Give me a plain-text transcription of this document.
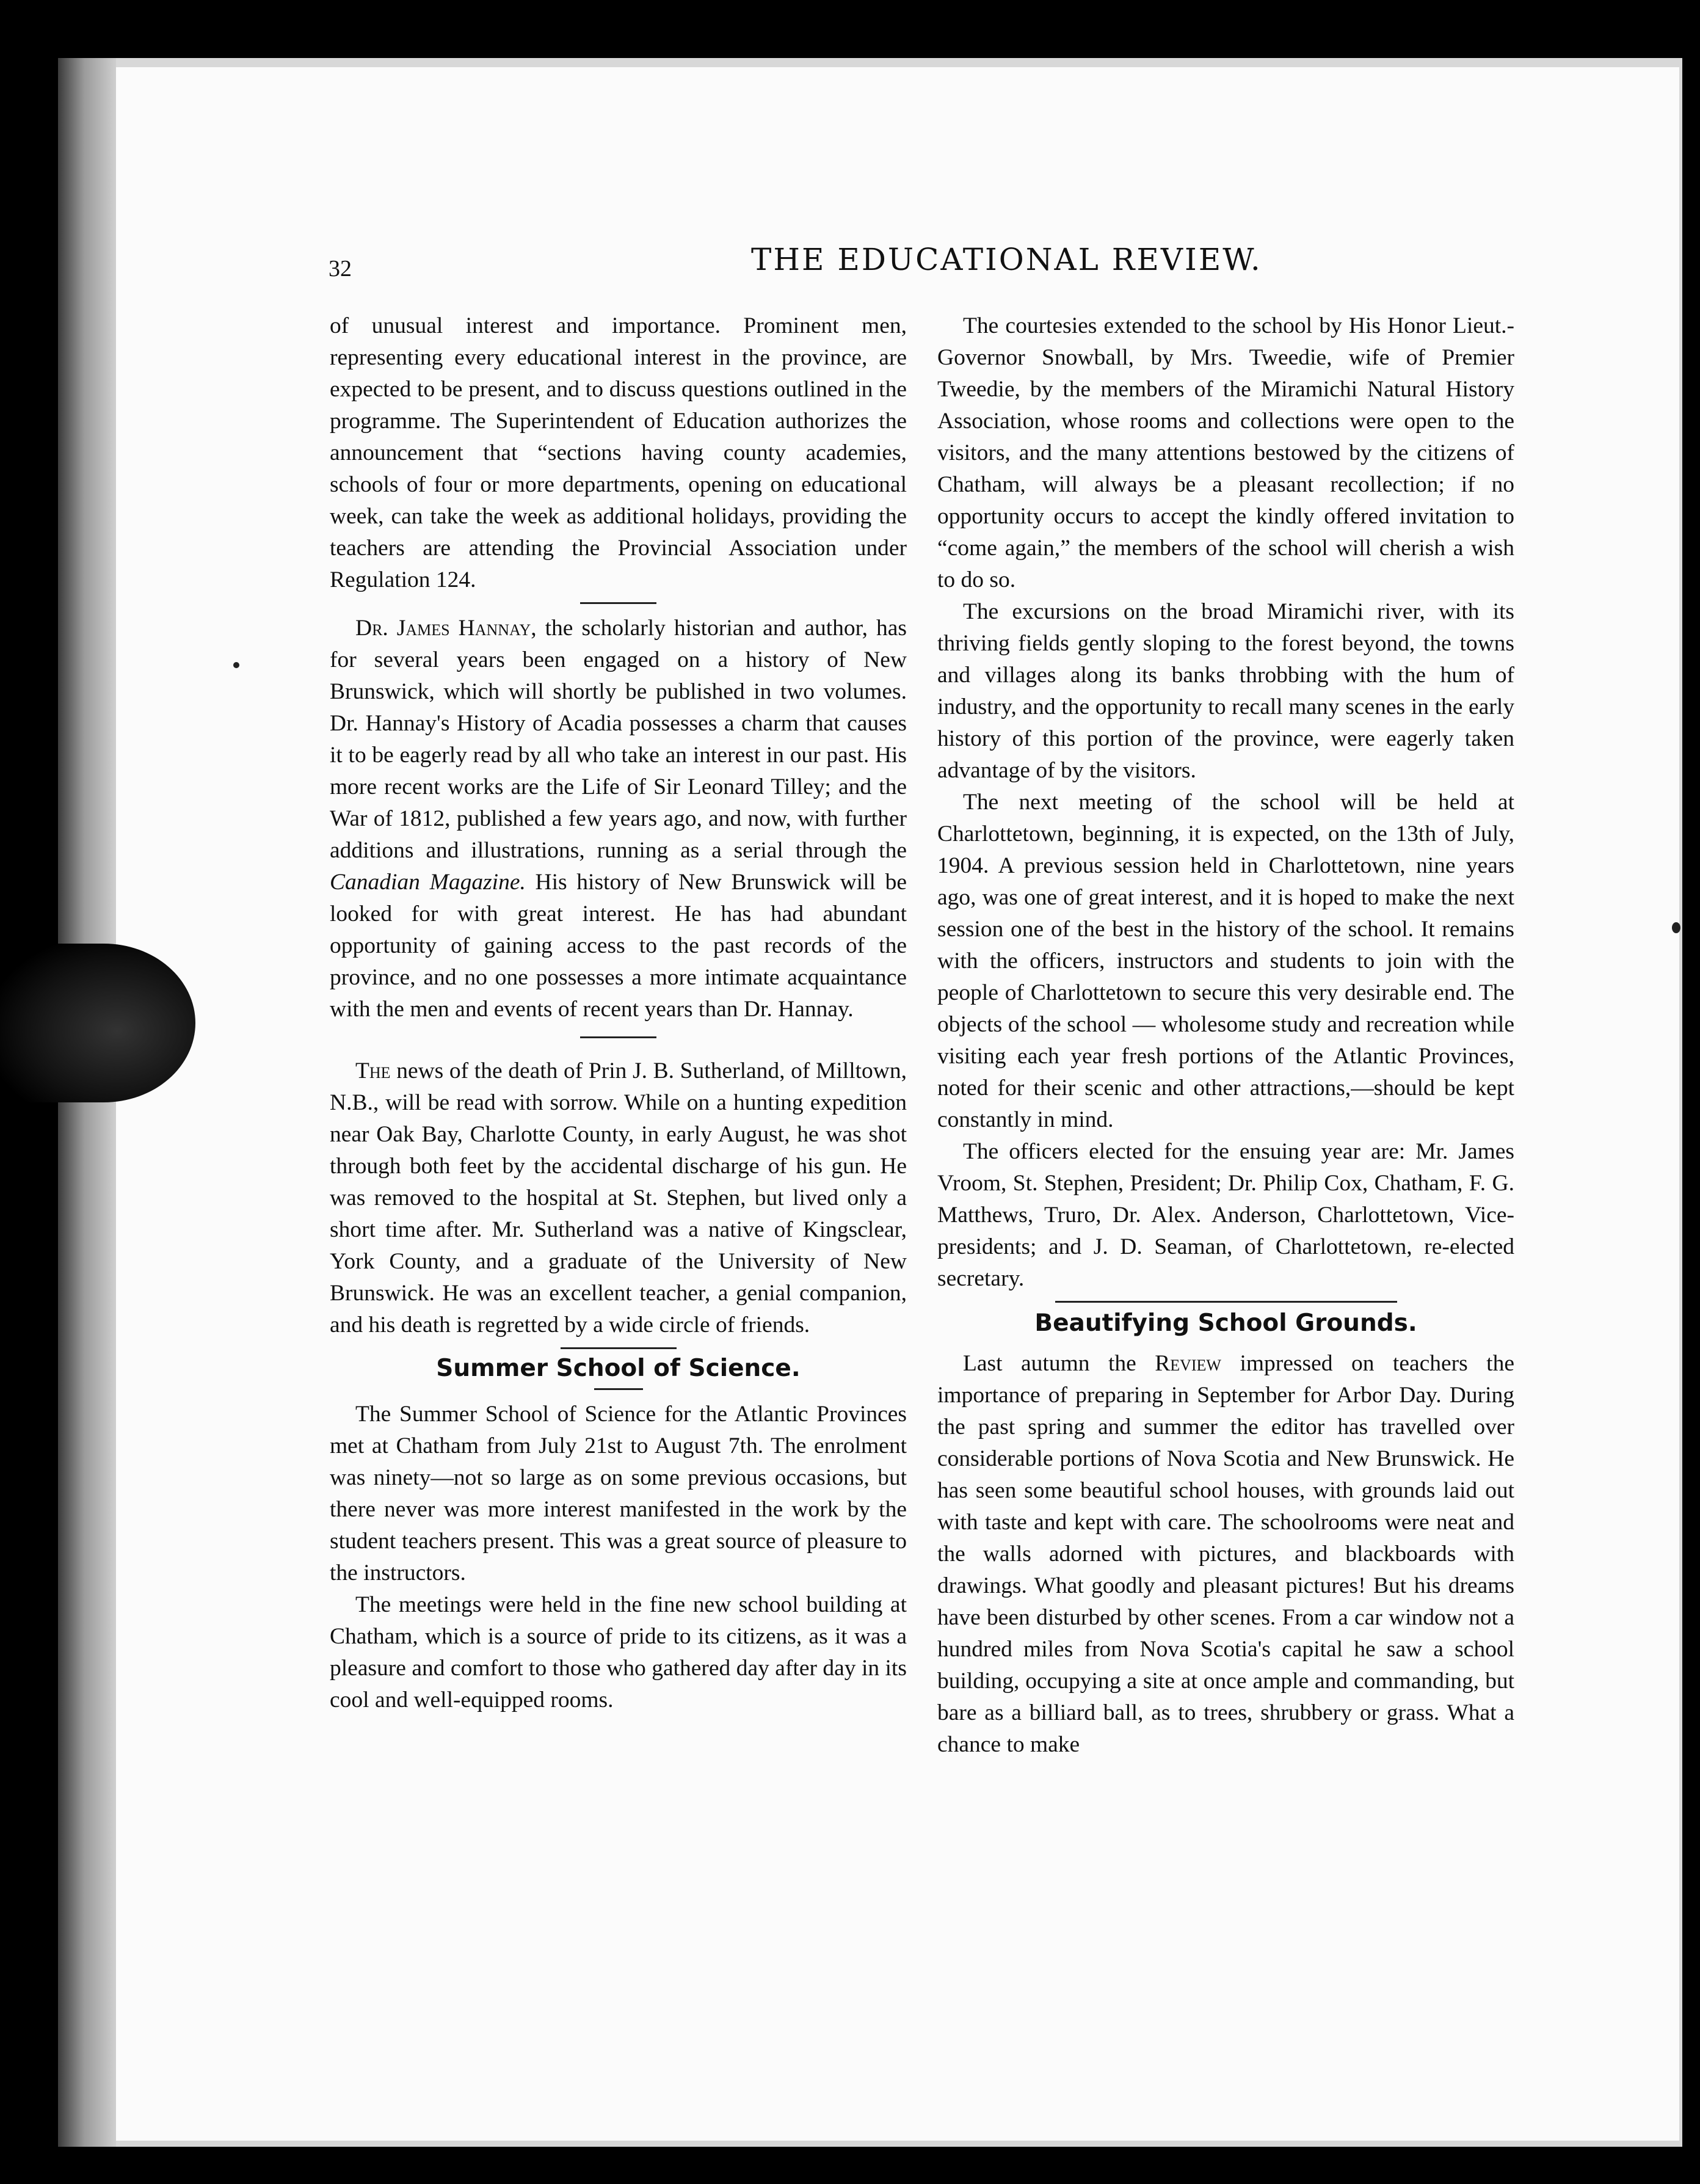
32	THE EDUCATIONAL REVIEW.

of unusual interest and importance. Prominent men, representing every educational interest in the province, are expected to be present, and to discuss questions outlined in the programme. The Superintendent of Education authorizes the announcement that “sections having county academies, schools of four or more departments, opening on educational week, can take the week as additional holidays, providing the teachers are attending the Provincial Association under Regulation 124.

Dr. James Hannay, the scholarly historian and author, has for several years been engaged on a history of New Brunswick, which will shortly be published in two volumes. Dr. Hannay's History of Acadia possesses a charm that causes it to be eagerly read by all who take an interest in our past. His more recent works are the Life of Sir Leonard Tilley; and the War of 1812, published a few years ago, and now, with further additions and illustrations, running as a serial through the Canadian Magazine. His history of New Brunswick will be looked for with great interest. He has had abundant opportunity of gaining access to the past records of the province, and no one possesses a more intimate acquaintance with the men and events of recent years than Dr. Hannay.

The news of the death of Prin J. B. Sutherland, of Milltown, N.B., will be read with sorrow. While on a hunting expedition near Oak Bay, Charlotte County, in early August, he was shot through both feet by the accidental discharge of his gun. He was removed to the hospital at St. Stephen, but lived only a short time after. Mr. Sutherland was a native of Kingsclear, York County, and a graduate of the University of New Brunswick. He was an excellent teacher, a genial companion, and his death is regretted by a wide circle of friends.

Summer School of Science.

The Summer School of Science for the Atlantic Provinces met at Chatham from July 21st to August 7th. The enrolment was ninety—not so large as on some previous occasions, but there never was more interest manifested in the work by the student teachers present. This was a great source of pleasure to the instructors.

The meetings were held in the fine new school building at Chatham, which is a source of pride to its citizens, as it was a pleasure and comfort to those who gathered day after day in its cool and well-equipped rooms.

The courtesies extended to the school by His Honor Lieut.-Governor Snowball, by Mrs. Tweedie, wife of Premier Tweedie, by the members of the Miramichi Natural History Association, whose rooms and collections were open to the visitors, and the many attentions bestowed by the citizens of Chatham, will always be a pleasant recollection; if no opportunity occurs to accept the kindly offered invitation to “come again,” the members of the school will cherish a wish to do so.

The excursions on the broad Miramichi river, with its thriving fields gently sloping to the forest beyond, the towns and villages along its banks throbbing with the hum of industry, and the opportunity to recall many scenes in the early history of this portion of the province, were eagerly taken advantage of by the visitors.

The next meeting of the school will be held at Charlottetown, beginning, it is expected, on the 13th of July, 1904. A previous session held in Charlottetown, nine years ago, was one of great interest, and it is hoped to make the next session one of the best in the history of the school. It remains with the officers, instructors and students to join with the people of Charlottetown to secure this very desirable end. The objects of the school — wholesome study and recreation while visiting each year fresh portions of the Atlantic Provinces, noted for their scenic and other attractions,—should be kept constantly in mind.

The officers elected for the ensuing year are: Mr. James Vroom, St. Stephen, President; Dr. Philip Cox, Chatham, F. G. Matthews, Truro, Dr. Alex. Anderson, Charlottetown, Vice-presidents; and J. D. Seaman, of Charlottetown, re-elected secretary.

Beautifying School Grounds.

Last autumn the Review impressed on teachers the importance of preparing in September for Arbor Day. During the past spring and summer the editor has travelled over considerable portions of Nova Scotia and New Brunswick. He has seen some beautiful school houses, with grounds laid out with taste and kept with care. The schoolrooms were neat and the walls adorned with pictures, and blackboards with drawings. What goodly and pleasant pictures! But his dreams have been disturbed by other scenes. From a car window not a hundred miles from Nova Scotia's capital he saw a school building, occupying a site at once ample and commanding, but bare as a billiard ball, as to trees, shrubbery or grass. What a chance to make
